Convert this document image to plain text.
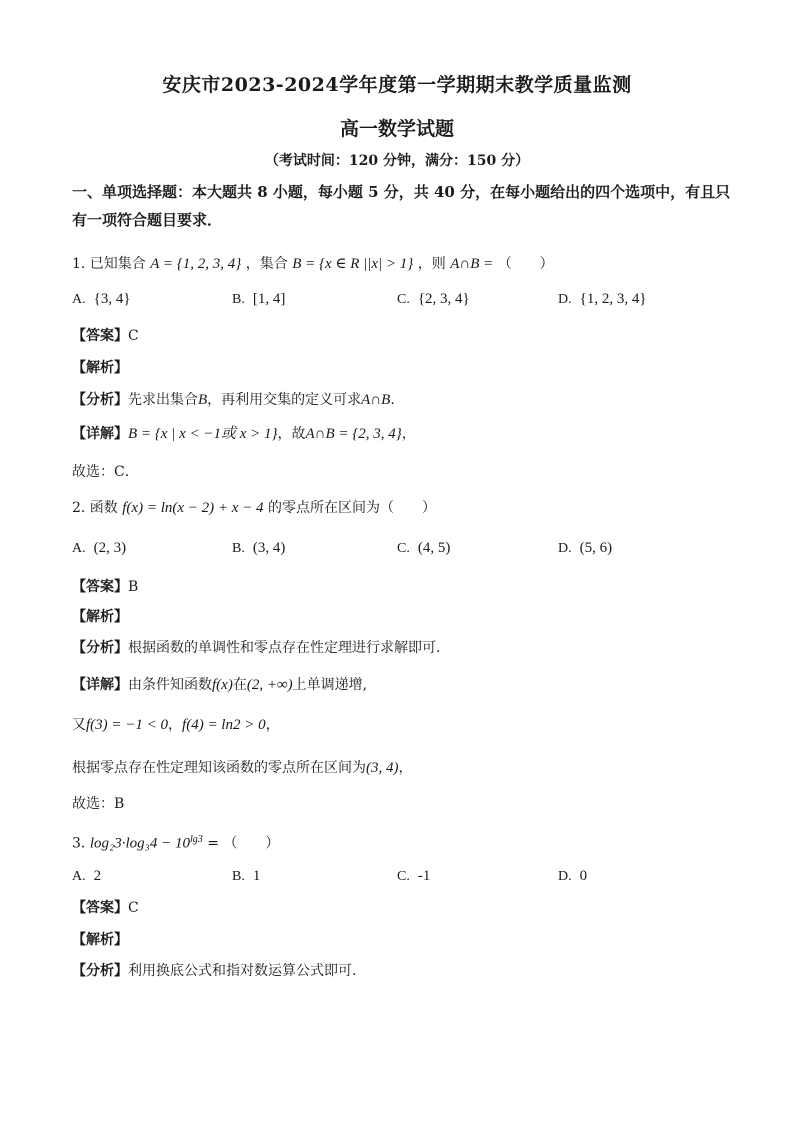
安庆市2023-2024学年度第一学期期末教学质量监测
高一数学试题
（考试时间：120 分钟，满分：150 分）
一、单项选择题：本大题共 8 小题，每小题 5 分，共 40 分，在每小题给出的四个选项中，有且只有一项符合题目要求．
1. 已知集合 A = {1, 2, 3, 4} ，集合 B = {x ∈ R ||x| > 1} ，则 A∩B = （　　）
A. {3, 4}	B. [1, 4]	C. {2, 3, 4}	D. {1, 2, 3, 4}
【答案】C
【解析】
【分析】先求出集合B，再利用交集的定义可求A∩B.
【详解】B = {x | x < −1或 x > 1}，故A∩B = {2, 3, 4}，
故选：C．
2. 函数 f(x) = ln(x − 2) + x − 4 的零点所在区间为（　　）
A. (2, 3)	B. (3, 4)	C. (4, 5)	D. (5, 6)
【答案】B
【解析】
【分析】根据函数的单调性和零点存在性定理进行求解即可.
【详解】由条件知函数f(x)在(2, +∞)上单调递增,
又f(3) = −1 < 0，f(4) = ln2 > 0，
根据零点存在性定理知该函数的零点所在区间为(3, 4)，
故选：B
3. $\log_23\cdot\log_34 - 10^{lg3}$ = （　　）
A. 2	B. 1	C. -1	D. 0
【答案】C
【解析】
【分析】利用换底公式和指对数运算公式即可.
